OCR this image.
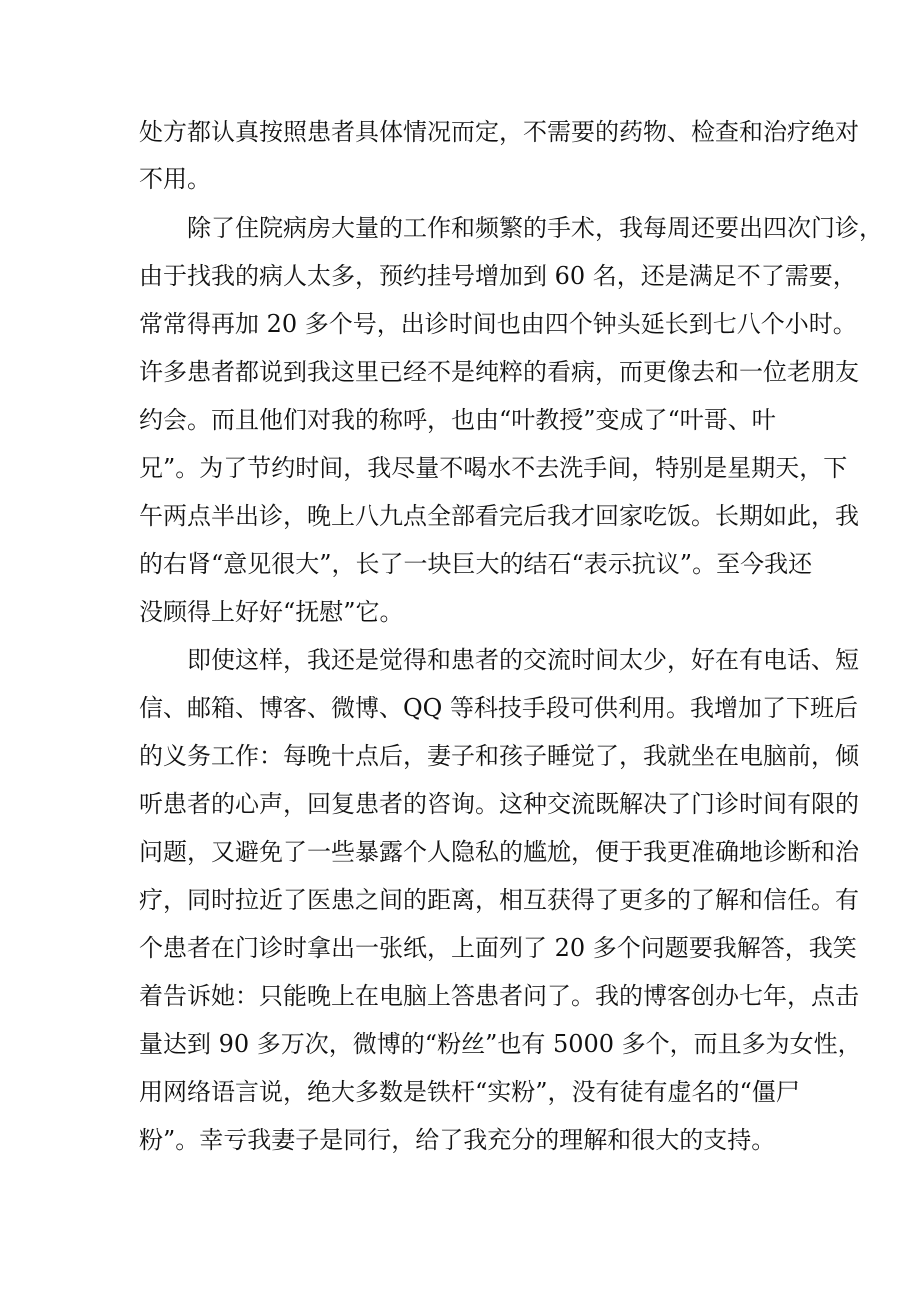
处方都认真按照患者具体情况而定，不需要的药物、检查和治疗绝对
不用。
除了住院病房大量的工作和频繁的手术，我每周还要出四次门诊，
由于找我的病人太多，预约挂号增加到 60 名，还是满足不了需要，
常常得再加 20 多个号，出诊时间也由四个钟头延长到七八个小时。
许多患者都说到我这里已经不是纯粹的看病，而更像去和一位老朋友
约会。而且他们对我的称呼，也由“叶教授”变成了“叶哥、叶
兄”。为了节约时间，我尽量不喝水不去洗手间，特别是星期天，下
午两点半出诊，晚上八九点全部看完后我才回家吃饭。长期如此，我
的右肾“意见很大”，长了一块巨大的结石“表示抗议”。至今我还
没顾得上好好“抚慰”它。
即使这样，我还是觉得和患者的交流时间太少，好在有电话、短
信、邮箱、博客、微博、QQ 等科技手段可供利用。我增加了下班后
的义务工作：每晚十点后，妻子和孩子睡觉了，我就坐在电脑前，倾
听患者的心声，回复患者的咨询。这种交流既解决了门诊时间有限的
问题，又避免了一些暴露个人隐私的尴尬，便于我更准确地诊断和治
疗，同时拉近了医患之间的距离，相互获得了更多的了解和信任。有
个患者在门诊时拿出一张纸，上面列了 20 多个问题要我解答，我笑
着告诉她：只能晚上在电脑上答患者问了。我的博客创办七年，点击
量达到 90 多万次，微博的“粉丝”也有 5000 多个，而且多为女性，
用网络语言说，绝大多数是铁杆“实粉”，没有徒有虚名的“僵尸
粉”。幸亏我妻子是同行，给了我充分的理解和很大的支持。
